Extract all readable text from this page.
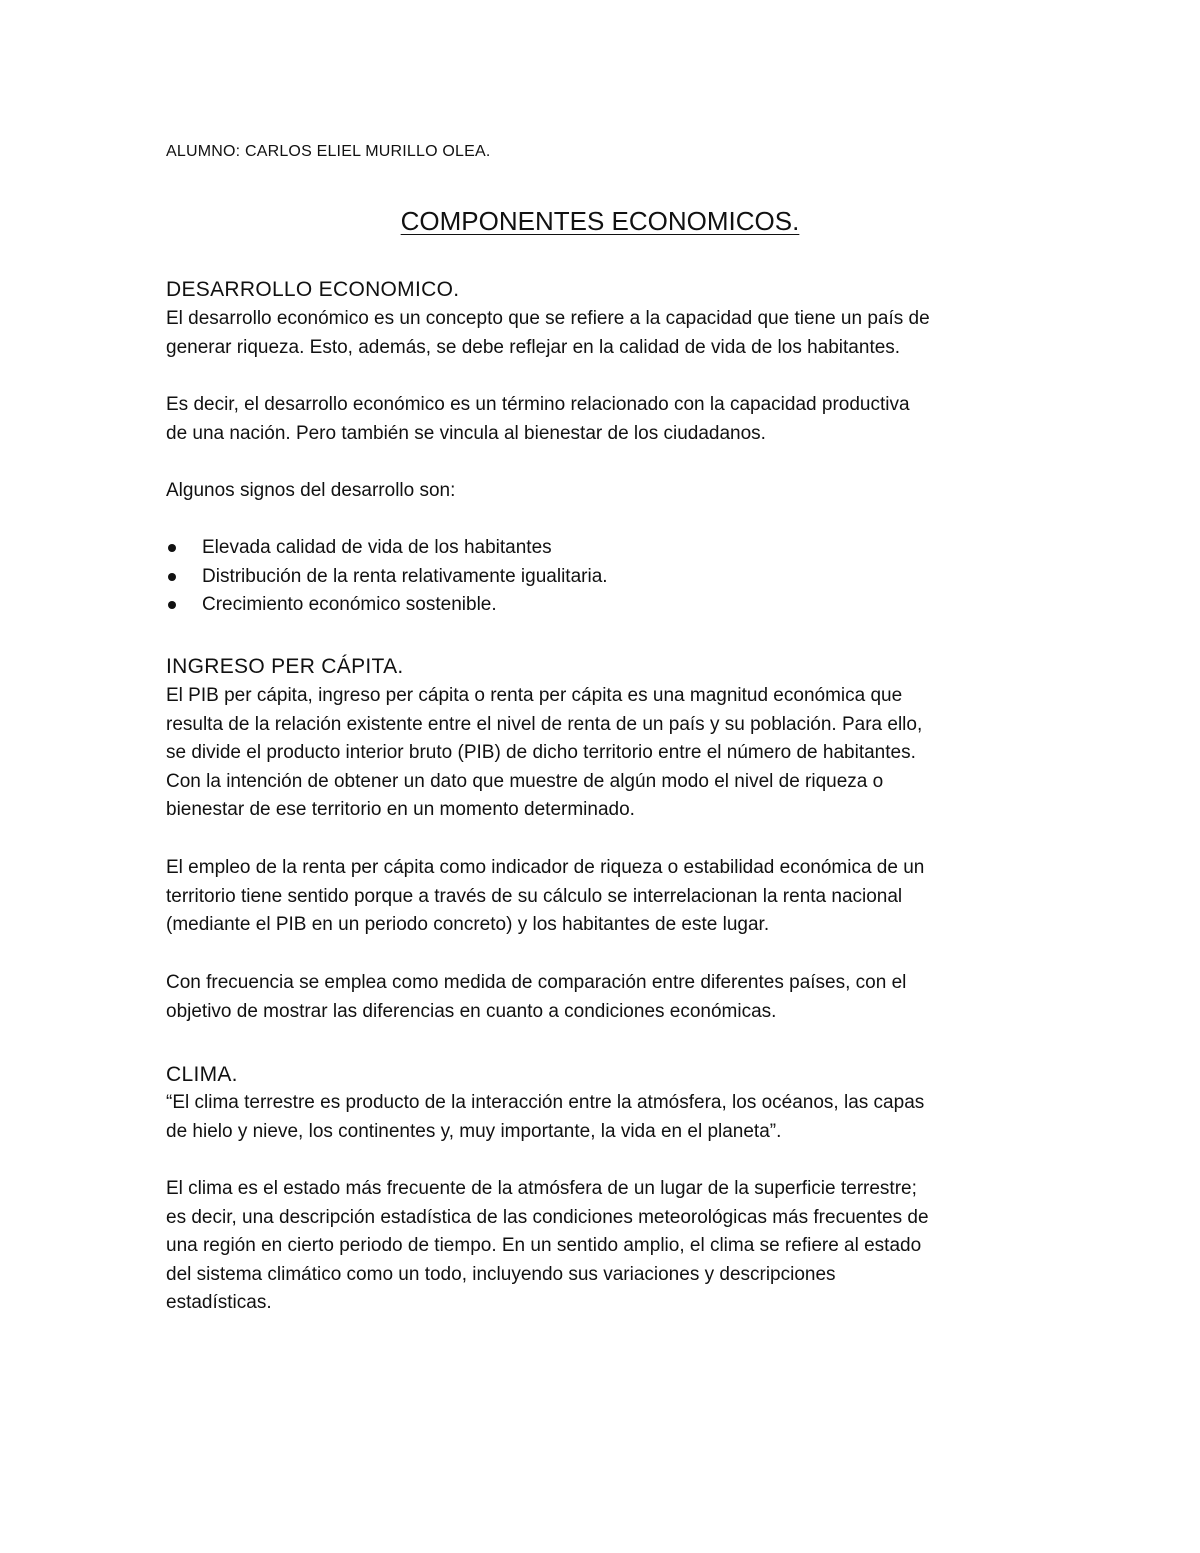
ALUMNO: CARLOS ELIEL MURILLO OLEA.
COMPONENTES ECONOMICOS.
DESARROLLO ECONOMICO.

El desarrollo económico es un concepto que se refiere a la capacidad que tiene un país de
generar riqueza. Esto, además, se debe reflejar en la calidad de vida de los habitantes.

Es decir, el desarrollo económico es un término relacionado con la capacidad productiva
de una nación. Pero también se vincula al bienestar de los ciudadanos.

Algunos signos del desarrollo son:

Elevada calidad de vida de los habitantes
Distribución de la renta relativamente igualitaria.
Crecimiento económico sostenible.
INGRESO PER CÁPITA.

El PIB per cápita, ingreso per cápita o renta per cápita es una magnitud económica que
resulta de la relación existente entre el nivel de renta de un país y su población. Para ello,
se divide el producto interior bruto (PIB) de dicho territorio entre el número de habitantes.
Con la intención de obtener un dato que muestre de algún modo el nivel de riqueza o
bienestar de ese territorio en un momento determinado.

El empleo de la renta per cápita como indicador de riqueza o estabilidad económica de un
territorio tiene sentido porque a través de su cálculo se interrelacionan la renta nacional
(mediante el PIB en un periodo concreto) y los habitantes de este lugar.

Con frecuencia se emplea como medida de comparación entre diferentes países, con el
objetivo de mostrar las diferencias en cuanto a condiciones económicas.

CLIMA.

“El clima terrestre es producto de la interacción entre la atmósfera, los océanos, las capas
de hielo y nieve, los continentes y, muy importante, la vida en el planeta”.

El clima es el estado más frecuente de la atmósfera de un lugar de la superficie terrestre;
es decir, una descripción estadística de las condiciones meteorológicas más frecuentes de
una región en cierto periodo de tiempo. En un sentido amplio, el clima se refiere al estado
del sistema climático como un todo, incluyendo sus variaciones y descripciones
estadísticas.
